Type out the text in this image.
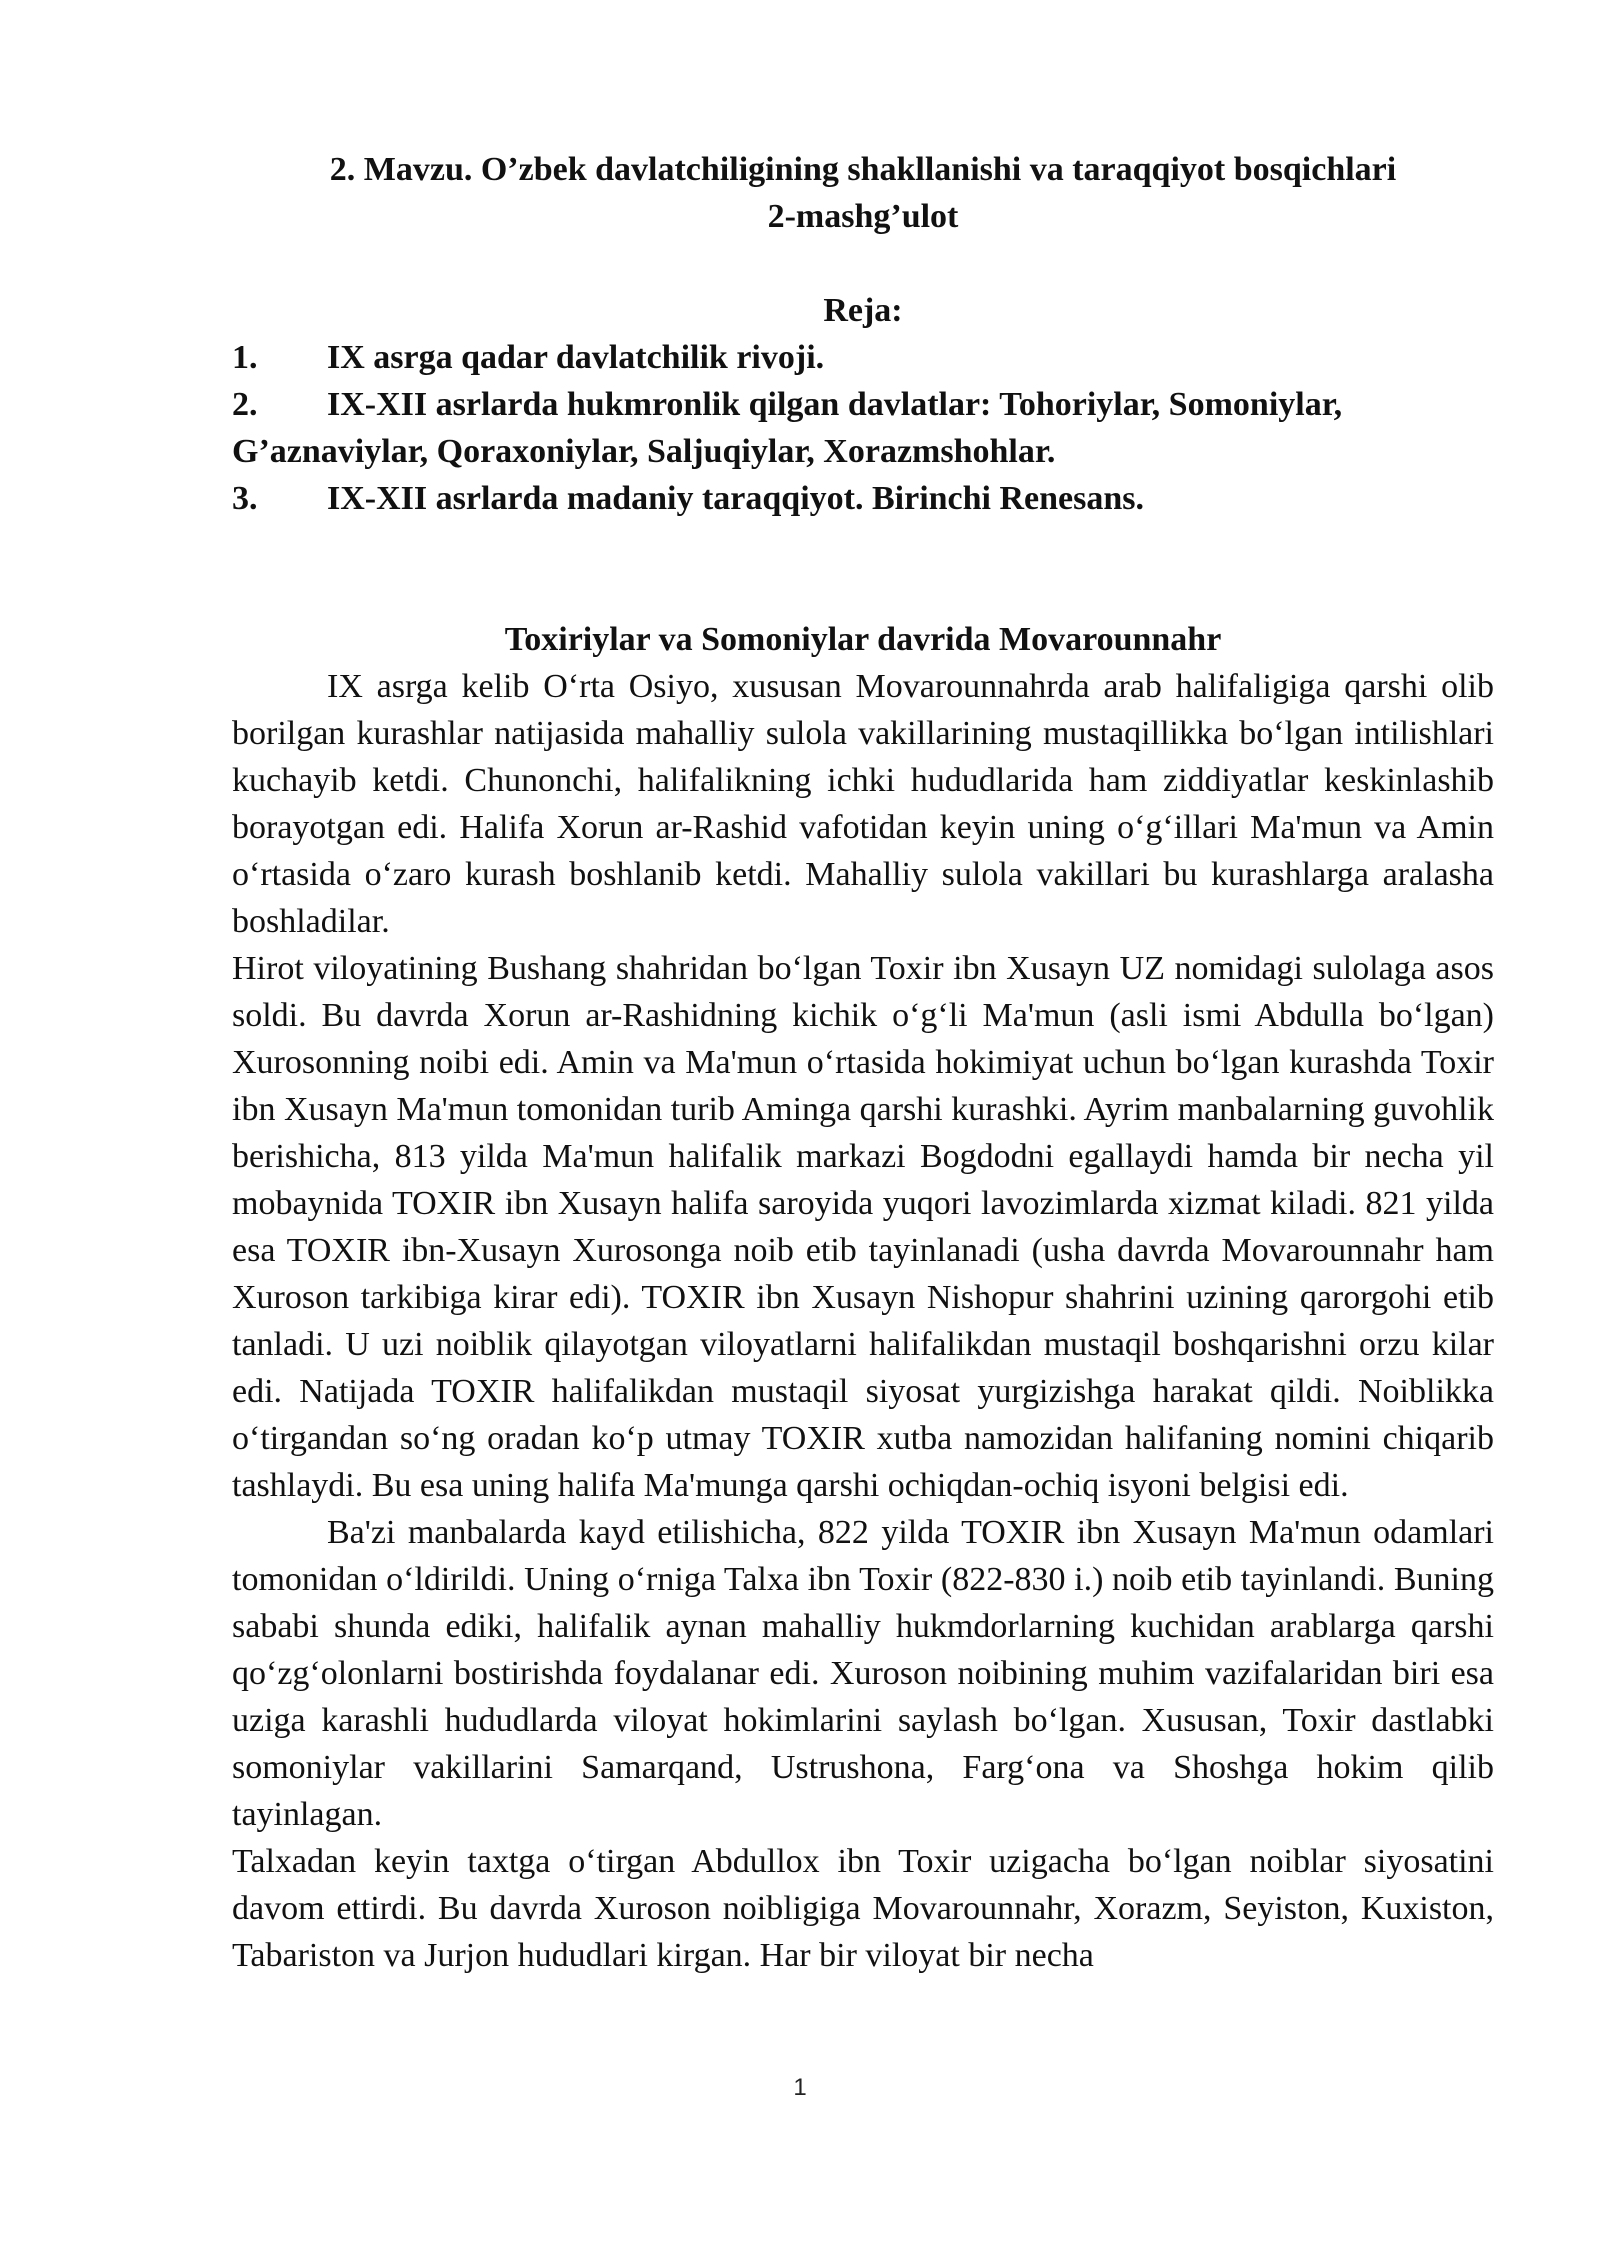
2. Mavzu. O’zbek davlatchiligining shakllanishi va taraqqiyot bosqichlari

2-mashg’ulot

Reja:

1. IX asrga qadar davlatchilik rivoji.
2. IX-XII asrlarda hukmronlik qilgan davlatlar: Tohoriylar, Somoniylar, G’aznaviylar, Qoraxoniylar, Saljuqiylar, Xorazmshohlar.
3. IX-XII asrlarda madaniy taraqqiyot. Birinchi Renesans.

Toxiriylar va Somoniylar davrida Movarounnahr

IX asrga kelib O‘rta Osiyo, xususan Movarounnahrda arab halifaligiga qarshi olib borilgan kurashlar natijasida mahalliy sulola vakillarining mustaqillikka bo‘lgan intilishlari kuchayib ketdi. Chunonchi, halifalikning ichki hududlarida ham ziddiyatlar keskinlashib borayotgan edi. Halifa Xorun ar-Rashid vafotidan keyin uning o‘g‘illari Ma'mun va Amin o‘rtasida o‘zaro kurash boshlanib ketdi. Mahalliy sulola vakillari bu kurashlarga aralasha boshladilar.

Hirot viloyatining Bushang shahridan bo‘lgan Toxir ibn Xusayn UZ nomidagi sulolaga asos soldi. Bu davrda Xorun ar-Rashidning kichik o‘g‘li Ma'mun (asli ismi Abdulla bo‘lgan) Xurosonning noibi edi. Amin va Ma'mun o‘rtasida hokimiyat uchun bo‘lgan kurashda Toxir ibn Xusayn Ma'mun tomonidan turib Aminga qarshi kurashki. Ayrim manbalarning guvohlik berishicha, 813 yilda Ma'mun halifalik markazi Bogdodni egallaydi hamda bir necha yil mobaynida TOXIR ibn Xusayn halifa saroyida yuqori lavozimlarda xizmat kiladi. 821 yilda esa TOXIR ibn-Xusayn Xurosonga noib etib tayinlanadi (usha davrda Movarounnahr ham Xuroson tarkibiga kirar edi). TOXIR ibn Xusayn Nishopur shahrini uzining qarorgohi etib tanladi. U uzi noiblik qilayotgan viloyatlarni halifalikdan mustaqil boshqarishni orzu kilar edi. Natijada TOXIR halifalikdan mustaqil siyosat yurgizishga harakat qildi. Noiblikka o‘tirgandan so‘ng oradan ko‘p utmay TOXIR xutba namozidan halifaning nomini chiqarib tashlaydi. Bu esa uning halifa Ma'munga qarshi ochiqdan-ochiq isyoni belgisi edi.

Ba'zi manbalarda kayd etilishicha, 822 yilda TOXIR ibn Xusayn Ma'mun odamlari tomonidan o‘ldirildi. Uning o‘rniga Talxa ibn Toxir (822-830 i.) noib etib tayinlandi. Buning sababi shunda ediki, halifalik aynan mahalliy hukmdorlarning kuchidan arablarga qarshi qo‘zg‘olonlarni bostirishda foydalanar edi. Xuroson noibining muhim vazifalaridan biri esa uziga karashli hududlarda viloyat hokimlarini saylash bo‘lgan. Xususan, Toxir dastlabki somoniylar vakillarini Samarqand, Ustrushona, Farg‘ona va Shoshga hokim qilib tayinlagan.

Talxadan keyin taxtga o‘tirgan Abdullox ibn Toxir uzigacha bo‘lgan noiblar siyosatini davom ettirdi. Bu davrda Xuroson noibligiga Movarounnahr, Xorazm, Seyiston, Kuxiston, Tabariston va Jurjon hududlari kirgan. Har bir viloyat bir necha

1
